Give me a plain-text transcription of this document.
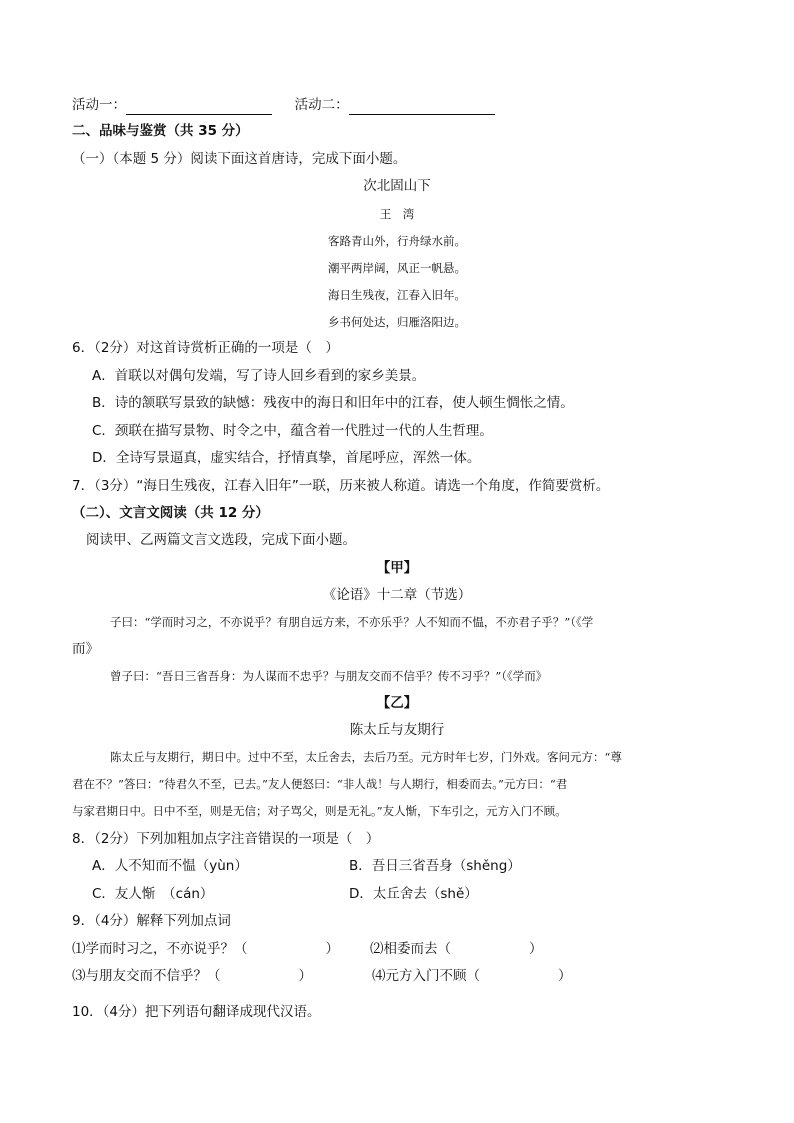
活动一：	活动二：
二、品味与鉴赏（共 35 分）
（一）（本题 5 分）阅读下面这首唐诗，完成下面小题。
次北固山下
王　湾
客路青山外，行舟绿水前。
潮平两岸阔，风正一帆悬。
海日生残夜，江春入旧年。
乡书何处达，归雁洛阳边。
6．（2分）对这首诗赏析正确的一项是（　）
A．首联以对偶句发端，写了诗人回乡看到的家乡美景。
B．诗的颔联写景致的缺憾：残夜中的海日和旧年中的江春，使人顿生惆怅之情。
C．颈联在描写景物、时令之中，蕴含着一代胜过一代的人生哲理。
D．全诗写景逼真，虚实结合，抒情真挚，首尾呼应，浑然一体。
7．（3分）“海日生残夜，江春入旧年”一联，历来被人称道。请选一个角度，作简要赏析。
（二）、文言文阅读（共 12 分）
阅读甲、乙两篇文言文选段，完成下面小题。
【甲】
《论语》十二章（节选）
子曰：“学而时习之，不亦说乎？有朋自远方来，不亦乐乎？人不知而不愠，不亦君子乎？”（《学
而》
曾子曰：“吾日三省吾身：为人谋而不忠乎？与朋友交而不信乎？传不习乎？”（《学而》
【乙】
陈太丘与友期行
陈太丘与友期行，期日中。过中不至，太丘舍去，去后乃至。元方时年七岁，门外戏。客问元方：“尊
君在不？”答曰：“待君久不至，已去。”友人便怒曰：“非人哉！与人期行，相委而去。”元方曰：“君
与家君期日中。日中不至，则是无信；对子骂父，则是无礼。”友人惭，下车引之，元方入门不顾。
8．（2分）下列加粗加点字注音错误的一项是（　）
A．人不知而不愠（yùn）	B．吾日三省吾身（shěng）
C．友人惭　（cán）	D．太丘舍去（shě）
9．（4分）解释下列加点词
⑴学而时习之，不亦说乎？（	） ⑵相委而去（	）
⑶与朋友交而不信乎？（	）	⑷元方入门不顾（	）
10．（4分）把下列语句翻译成现代汉语。
